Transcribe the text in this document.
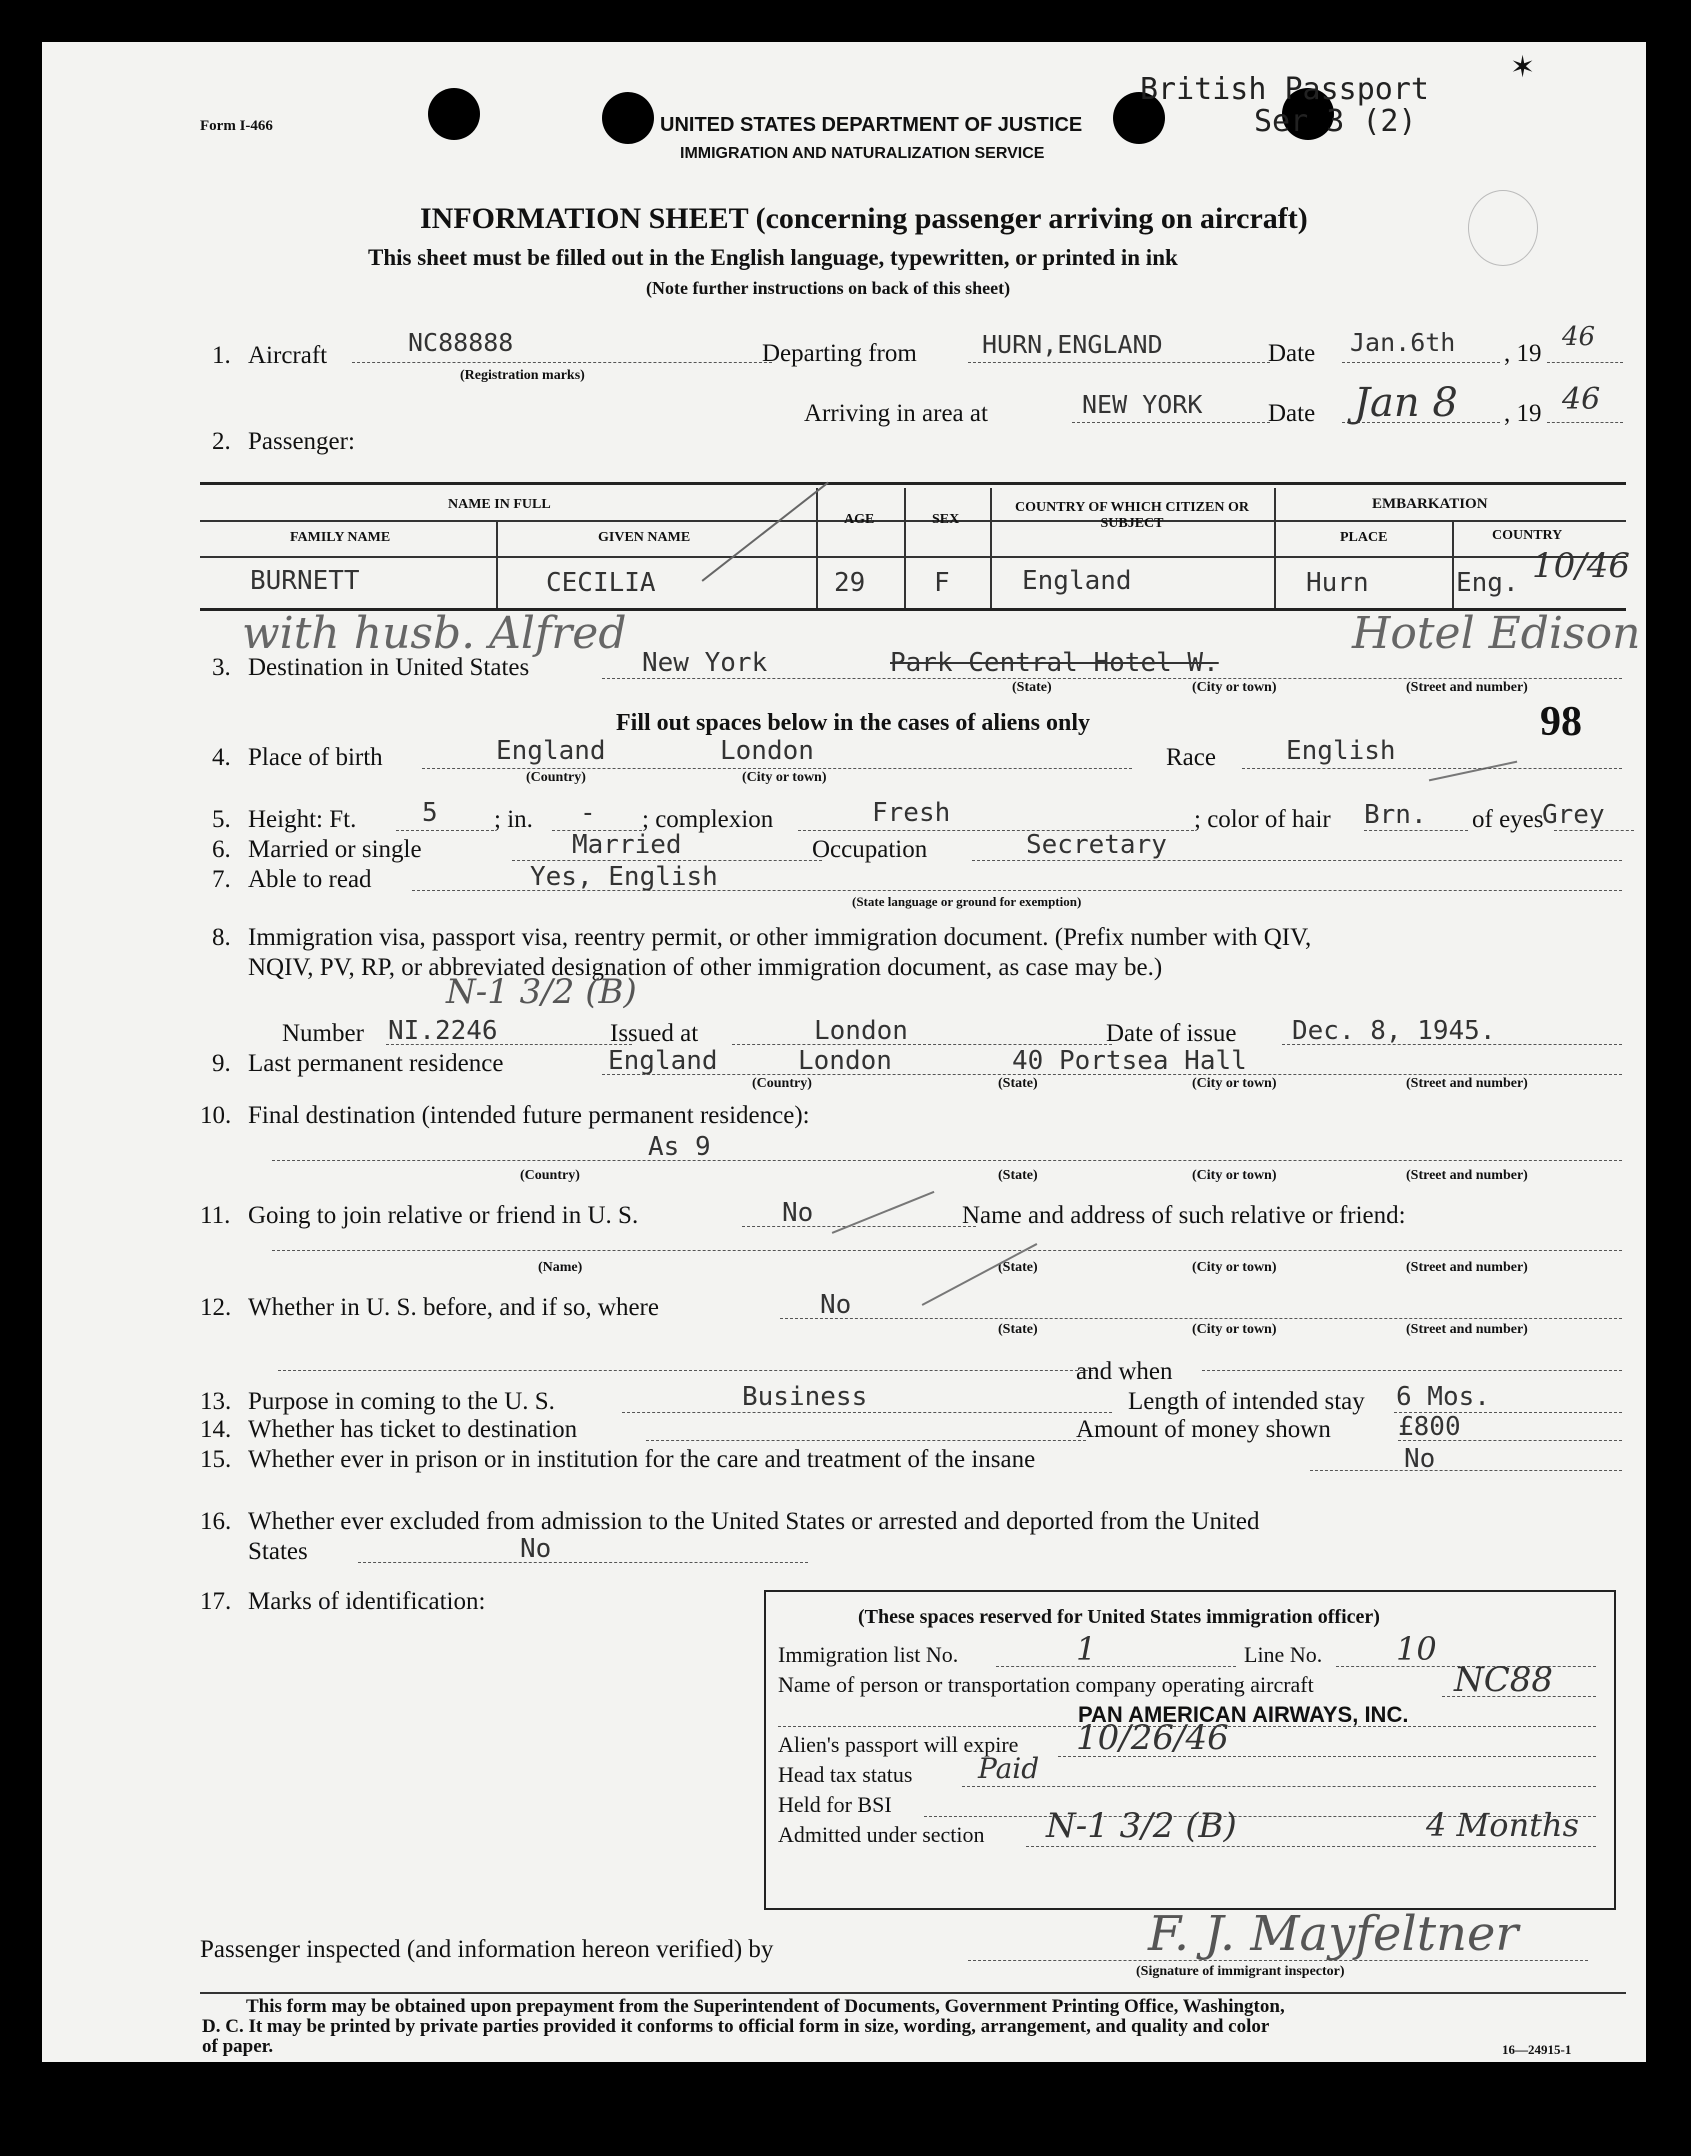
✶
Form I-466	UNITED STATES DEPARTMENT OF JUSTICE
IMMIGRATION AND NATURALIZATION SERVICE
British Passport
Ser 3 (2)
INFORMATION SHEET (concerning passenger arriving on aircraft)
This sheet must be filled out in the English language, typewritten, or printed in ink
(Note further instructions on back of this sheet)
1. Aircraft	NC88888
(Registration marks)
Departing from	HURN,ENGLAND	Date Jan.6th , 19
46
Arriving in area at	NEW YORK	Date Jan 8 , 19 46
2. Passenger:
NAME IN FULL
FAMILY NAME	GIVEN NAME
AGE	SEX
COUNTRY OF WHICH CITIZEN OR SUBJECT
EMBARKATION
PLACE	COUNTRY
BURNETT	CECILIA	29	F	England	Hurn	Eng. 10/46
with husb. Alfred
3. Destination in United States	New York	Park Central Hotel W.
Hotel Edison
(State)	(City or town)	(Street and number)
Fill out spaces below in the cases of aliens only	98
4. Place of birth	England	London
(Country)	(City or town)
Race	English
5. Height: Ft.	5 ; in. - ; complexion	Fresh	; color of hair Brn. of eyes
Grey
6. Married or single	Married	Occupation	Secretary
7. Able to read	Yes, English
(State language or ground for exemption)
8. Immigration visa, passport visa, reentry permit, or other immigration document. (Prefix number with QIV,
NQIV, PV, RP, or abbreviated designation of other immigration document, as case may be.)
N-1 3/2 (B)
Number NI.2246	Issued at	London	Date of issue Dec. 8, 1945.
9. Last permanent residence	England	London	40 Portsea Hall
(Country)	(State)	(City or town)	(Street and number)
10. Final destination (intended future permanent residence):
As 9
(Country)	(State)	(City or town)	(Street and number)
11. Going to join relative or friend in U. S.	No	Name and address of such relative or friend:
(Name)	(State)	(City or town)	(Street and number)
12. Whether in U. S. before, and if so, where	No
(State)	(City or town)	(Street and number)
and when
13. Purpose in coming to the U. S.	Business	Length of intended stay 6 Mos.
14. Whether has ticket to destination	Amount of money shown	£800
15. Whether ever in prison or in institution for the care and treatment of the insane	No
16. Whether ever excluded from admission to the United States or arrested and deported from the United
States	No
17. Marks of identification:
(These spaces reserved for United States immigration officer)
Immigration list No.	1	Line No. 10
Name of person or transportation company operating aircraft	NC88
PAN AMERICAN AIRWAYS, INC.
Alien's passport will expire 10/26/46
Head tax status Paid
Held for BSI
Admitted under section N-1 3/2 (B)	4 Months
Passenger inspected (and information hereon verified) by	F. J. Mayfeltner
(Signature of immigrant inspector)
This form may be obtained upon prepayment from the Superintendent of Documents, Government Printing Office, Washington,
D. C. It may be printed by private parties provided it conforms to official form in size, wording, arrangement, and quality and color
of paper.	16—24915-1
